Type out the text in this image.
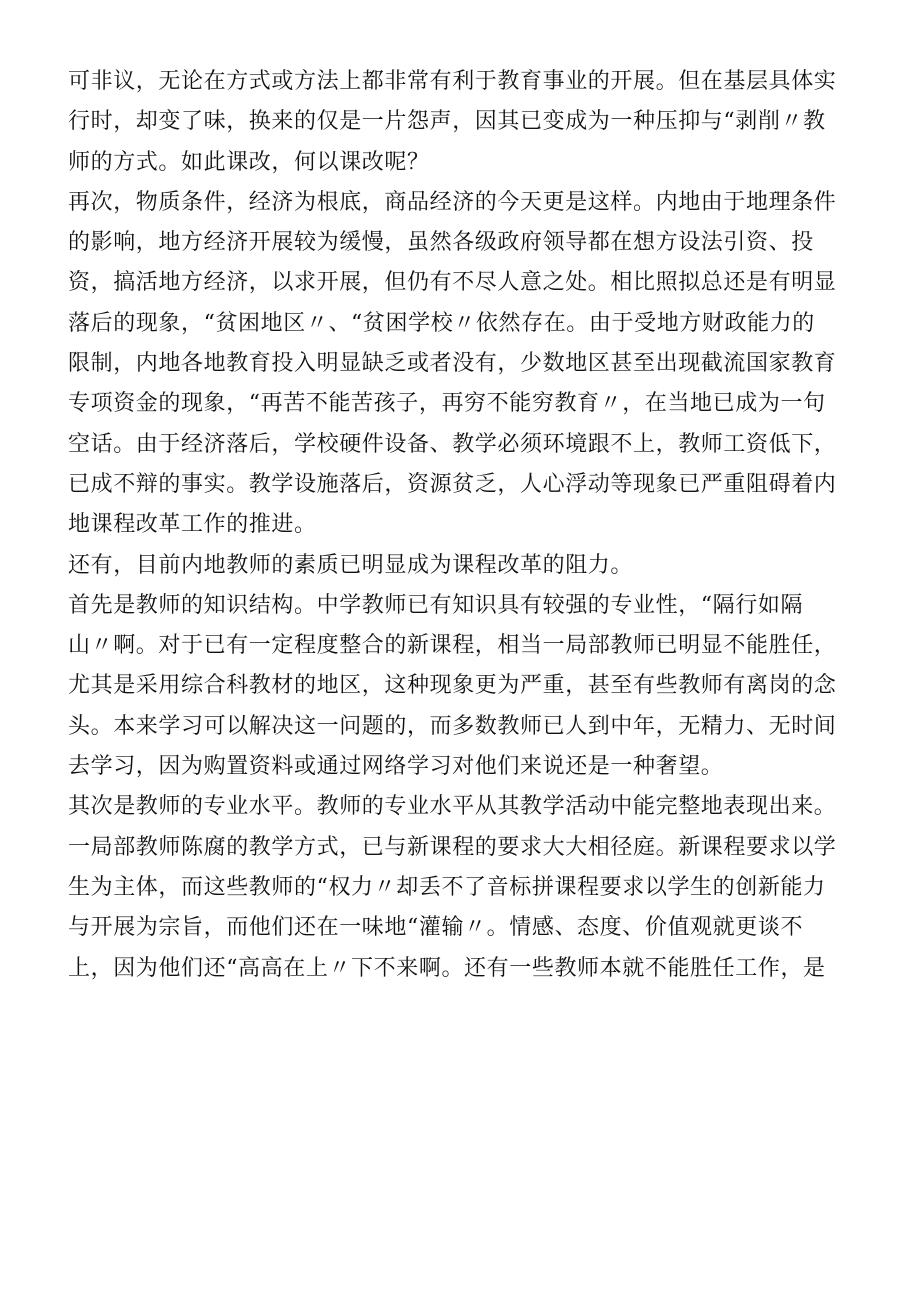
可非议，无论在方式或方法上都非常有利于教育事业的开展。但在基层具体实
行时，却变了味，换来的仅是一片怨声，因其已变成为一种压抑与“剥削〃教
师的方式。如此课改，何以课改呢？

再次，物质条件，经济为根底，商品经济的今天更是这样。内地由于地理条件
的影响，地方经济开展较为缓慢，虽然各级政府领导都在想方设法引资、投
资，搞活地方经济，以求开展，但仍有不尽人意之处。相比照拟总还是有明显
落后的现象，“贫困地区〃、“贫困学校〃依然存在。由于受地方财政能力的
限制，内地各地教育投入明显缺乏或者没有，少数地区甚至出现截流国家教育
专项资金的现象，“再苦不能苦孩子，再穷不能穷教育〃，在当地已成为一句
空话。由于经济落后，学校硬件设备、教学必须环境跟不上，教师工资低下，
已成不辩的事实。教学设施落后，资源贫乏，人心浮动等现象已严重阻碍着内
地课程改革工作的推进。

还有，目前内地教师的素质已明显成为课程改革的阻力。

首先是教师的知识结构。中学教师已有知识具有较强的专业性，“隔行如隔
山〃啊。对于已有一定程度整合的新课程，相当一局部教师已明显不能胜任，
尤其是采用综合科教材的地区，这种现象更为严重，甚至有些教师有离岗的念
头。本来学习可以解决这一问题的，而多数教师已人到中年，无精力、无时间
去学习，因为购置资料或通过网络学习对他们来说还是一种奢望。

其次是教师的专业水平。教师的专业水平从其教学活动中能完整地表现出来。
一局部教师陈腐的教学方式，已与新课程的要求大大相径庭。新课程要求以学
生为主体，而这些教师的“权力〃却丢不了音标拼课程要求以学生的创新能力
与开展为宗旨，而他们还在一味地“灌输〃。情感、态度、价值观就更谈不
上，因为他们还“高高在上〃下不来啊。还有一些教师本就不能胜任工作，是
